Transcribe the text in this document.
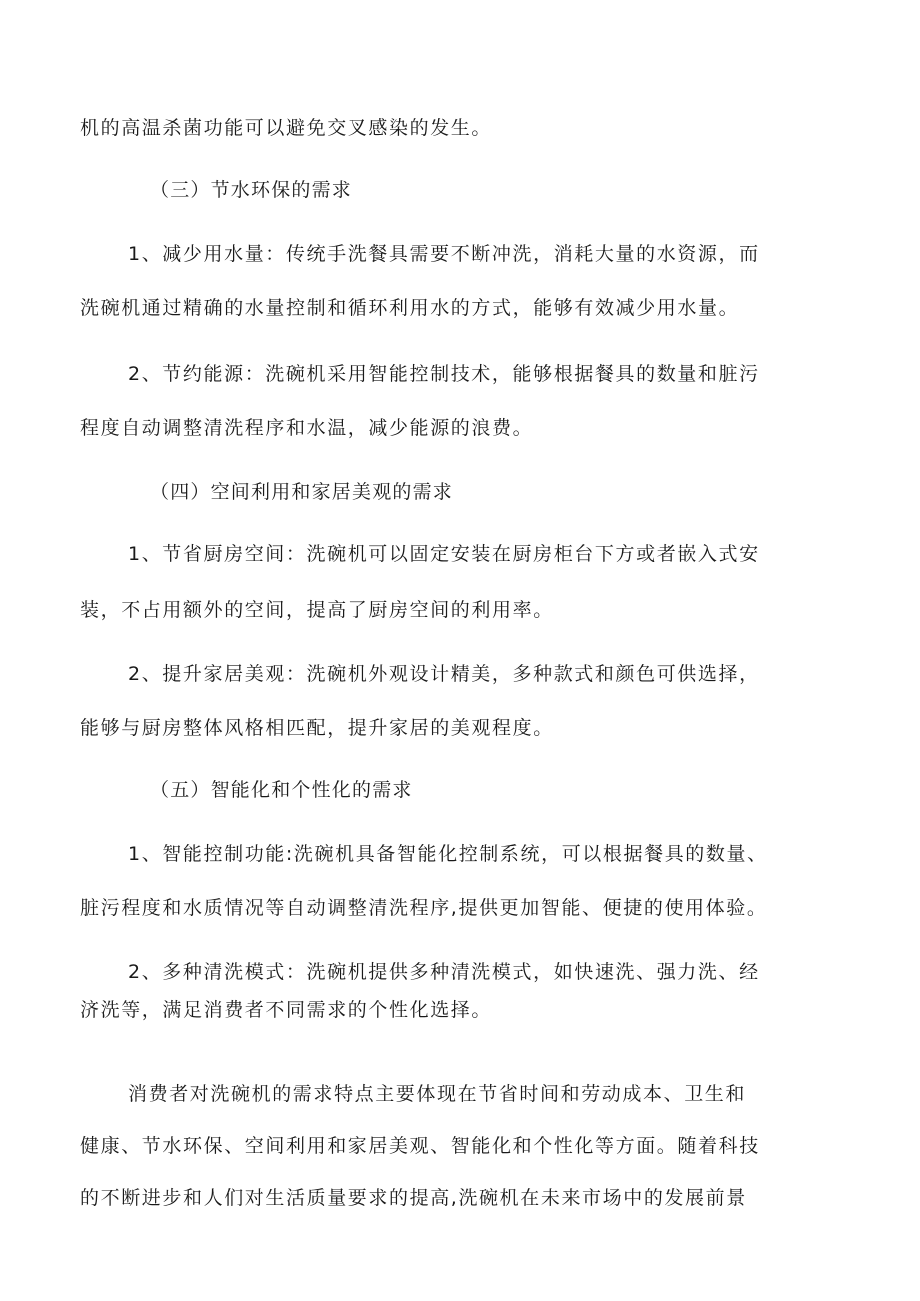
机的高温杀菌功能可以避免交叉感染的发生。
（三）节水环保的需求
1、减少用水量：传统手洗餐具需要不断冲洗，消耗大量的水资源，而
洗碗机通过精确的水量控制和循环利用水的方式，能够有效减少用水量。
2、节约能源：洗碗机采用智能控制技术，能够根据餐具的数量和脏污
程度自动调整清洗程序和水温，减少能源的浪费。
（四）空间利用和家居美观的需求
1、节省厨房空间：洗碗机可以固定安装在厨房柜台下方或者嵌入式安
装，不占用额外的空间，提高了厨房空间的利用率。
2、提升家居美观：洗碗机外观设计精美，多种款式和颜色可供选择，
能够与厨房整体风格相匹配，提升家居的美观程度。
（五）智能化和个性化的需求
1、智能控制功能:洗碗机具备智能化控制系统，可以根据餐具的数量、
脏污程度和水质情况等自动调整清洗程序,提供更加智能、便捷的使用体验。
2、多种清洗模式：洗碗机提供多种清洗模式，如快速洗、强力洗、经
济洗等，满足消费者不同需求的个性化选择。
消费者对洗碗机的需求特点主要体现在节省时间和劳动成本、卫生和
健康、节水环保、空间利用和家居美观、智能化和个性化等方面。随着科技
的不断进步和人们对生活质量要求的提高,洗碗机在未来市场中的发展前景
